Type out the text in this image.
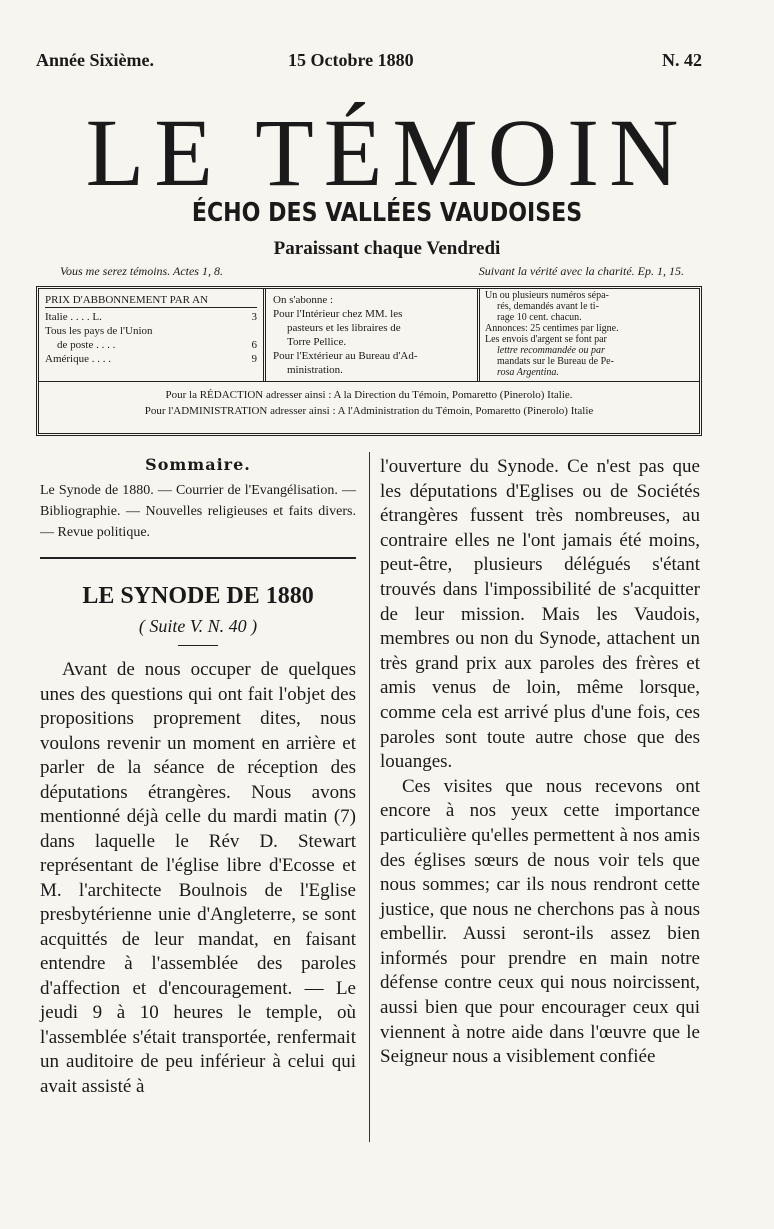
Année Sixième.	15 Octobre 1880	N. 42
LE TÉMOIN
ÉCHO DES VALLÉES VAUDOISES
Paraissant chaque Vendredi
Vous me serez témoins. Actes 1, 8.	Suivant la vérité avec la charité. Ep. 1, 15.
PRIX D'ABBONNEMENT PAR AN
Italie . . . . L.	3
Tous les pays de l'Union
de poste . . . .	6
Amérique . . . .	9
On s'abonne :
Pour l'Intérieur chez MM. les
pasteurs et les libraires de
Torre Pellice.
Pour l'Extérieur au Bureau d'Ad-
ministration.
Un ou plusieurs numéros sépa-
rés, demandés avant le ti-
rage 10 cent. chacun.
Annonces: 25 centimes par ligne.
Les envois d'argent se font par
lettre recommandée ou par
mandats sur le Bureau de Pe-
rosa Argentina.
Pour la RÉDACTION adresser ainsi : A la Direction du Témoin, Pomaretto (Pinerolo) Italie.
Pour l'ADMINISTRATION adresser ainsi : A l'Administration du Témoin, Pomaretto (Pinerolo) Italie
Sommaire.
Le Synode de 1880. — Courrier de l'Evangélisation. — Bibliographie. — Nouvelles religieuses et faits divers. — Revue politique.
LE SYNODE DE 1880
( Suite V. N. 40 )

Avant de nous occuper de quelques unes des questions qui ont fait l'objet des propositions proprement dites, nous voulons revenir un moment en arrière et parler de la séance de réception des députations étrangères. Nous avons mentionné déjà celle du mardi matin (7) dans laquelle le Rév D. Stewart représentant de l'église libre d'Ecosse et M. l'architecte Boulnois de l'Eglise presbytérienne unie d'Angleterre, se sont acquittés de leur mandat, en faisant entendre à l'assemblée des paroles d'affection et d'encouragement. — Le jeudi 9 à 10 heures le temple, où l'assemblée s'était transportée, renfermait un auditoire de peu inférieur à celui qui avait assisté à

l'ouverture du Synode. Ce n'est pas que les députations d'Eglises ou de Sociétés étrangères fussent très nombreuses, au contraire elles ne l'ont jamais été moins, peut-être, plusieurs délégués s'étant trouvés dans l'impossibilité de s'acquitter de leur mission. Mais les Vaudois, membres ou non du Synode, attachent un très grand prix aux paroles des frères et amis venus de loin, même lorsque, comme cela est arrivé plus d'une fois, ces paroles sont toute autre chose que des louanges.

Ces visites que nous recevons ont encore à nos yeux cette importance particulière qu'elles permettent à nos amis des églises sœurs de nous voir tels que nous sommes; car ils nous rendront cette justice, que nous ne cherchons pas à nous embellir. Aussi seront-ils assez bien informés pour prendre en main notre défense contre ceux qui nous noircissent, aussi bien que pour encourager ceux qui viennent à notre aide dans l'œuvre que le Seigneur nous a visiblement confiée
